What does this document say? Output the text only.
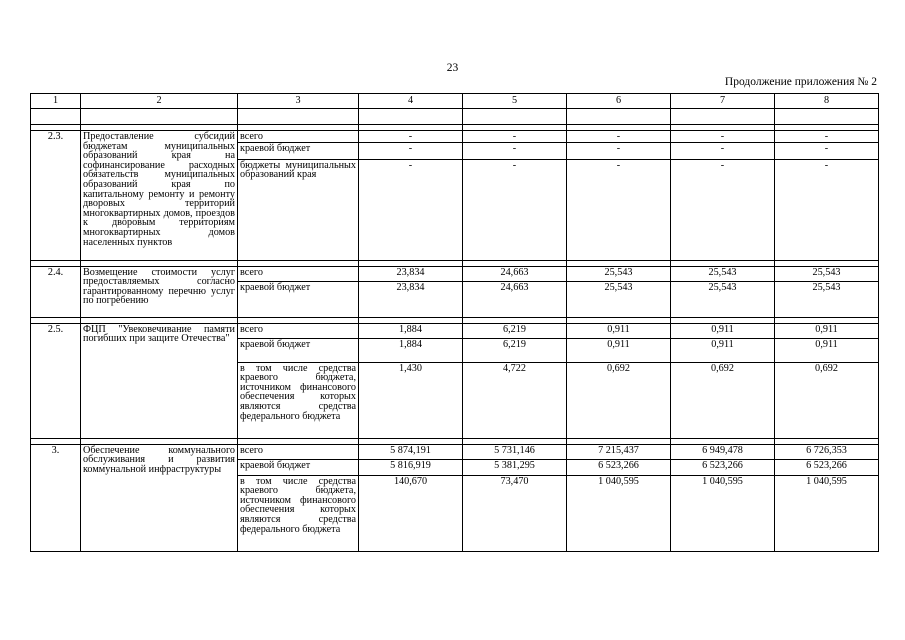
23
Продолжение приложения № 2
1	2	3	4	5	6	7	8

2.3.	Предоставление субсидий бюджетам муниципальных образований края на софинансирование расходных обязательств муниципальных образований края по капитальному ремонту и ремонту дворовых территорий многоквартирных домов, проездов к дворовым территориям многоквартирных домов населенных пунктов	всего	-	-	-	-	-
		краевой бюджет	-	-	-	-	-
		бюджеты муниципальных образований края	-	-	-	-	-

2.4.	Возмещение стоимости услуг предоставляемых согласно гарантированному перечню услуг по погребению	всего	23,834	24,663	25,543	25,543	25,543
		краевой бюджет	23,834	24,663	25,543	25,543	25,543

2.5.	ФЦП "Увековечивание памяти погибших при защите Отечества"	всего	1,884	6,219	0,911	0,911	0,911
		краевой бюджет	1,884	6,219	0,911	0,911	0,911
		в том числе средства краевого бюджета, источником финансового обеспечения которых являются средства федерального бюджета	1,430	4,722	0,692	0,692	0,692

3.	Обеспечение коммунального обслуживания и развития коммунальной инфраструктуры	всего	5 874,191	5 731,146	7 215,437	6 949,478	6 726,353
		краевой бюджет	5 816,919	5 381,295	6 523,266	6 523,266	6 523,266
		в том числе средства краевого бюджета, источником финансового обеспечения которых являются средства федерального бюджета	140,670	73,470	1 040,595	1 040,595	1 040,595
